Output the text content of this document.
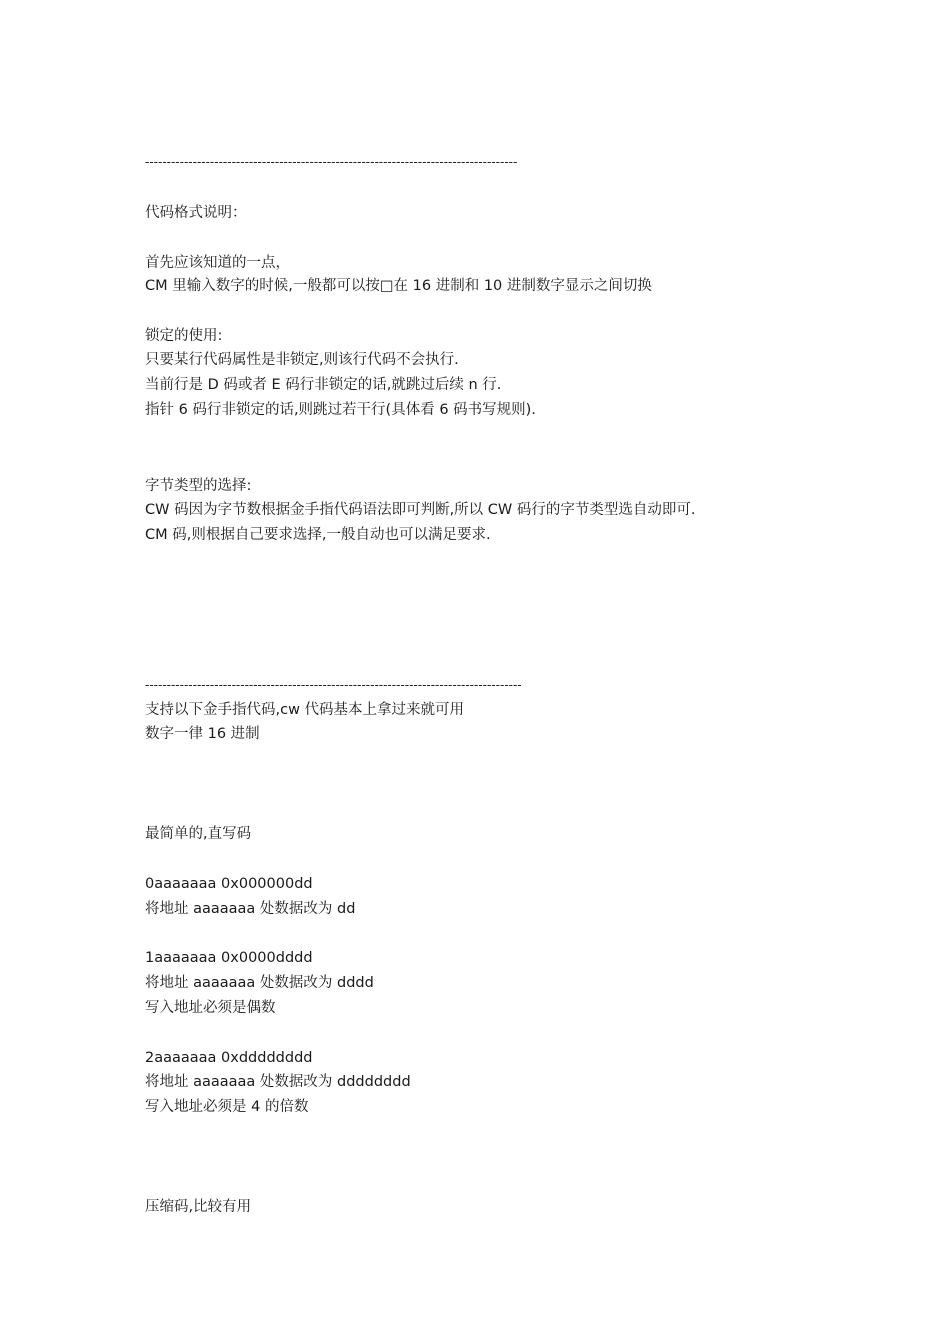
--------------------------------------------------------------------------------------
代码格式说明：
首先应该知道的一点，
CM 里输入数字的时候,一般都可以按□在 16 进制和 10 进制数字显示之间切换
锁定的使用:
只要某行代码属性是非锁定,则该行代码不会执行.
当前行是 D 码或者 E 码行非锁定的话,就跳过后续 n 行.
指针 6 码行非锁定的话,则跳过若干行(具体看 6 码书写规则).
字节类型的选择:
CW 码因为字节数根据金手指代码语法即可判断,所以 CW 码行的字节类型选自动即可.
CM 码,则根据自己要求选择,一般自动也可以满足要求.
---------------------------------------------------------------------------------------
支持以下金手指代码,cw 代码基本上拿过来就可用
数字一律 16 进制
最简单的,直写码
0aaaaaaa 0x000000dd
将地址 aaaaaaa 处数据改为 dd
1aaaaaaa 0x0000dddd
将地址 aaaaaaa 处数据改为 dddd
写入地址必须是偶数
2aaaaaaa 0xdddddddd
将地址 aaaaaaa 处数据改为 dddddddd
写入地址必须是 4 的倍数
压缩码,比较有用
